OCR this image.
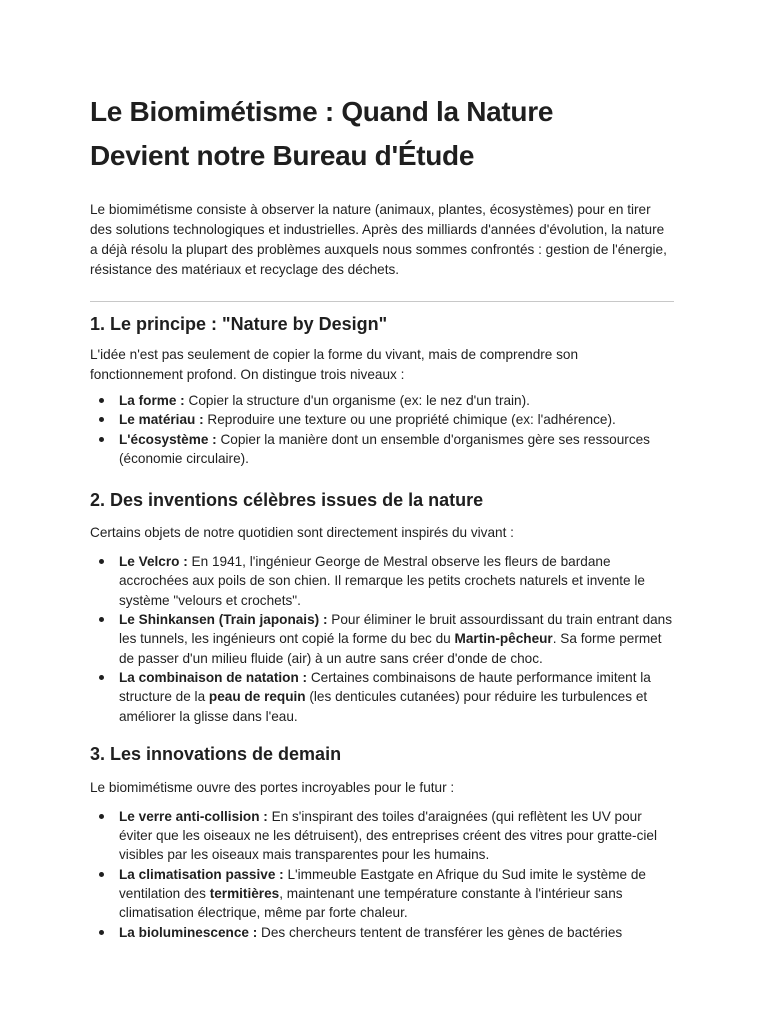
Le Biomimétisme : Quand la Nature
Devient notre Bureau d'Étude

Le biomimétisme consiste à observer la nature (animaux, plantes, écosystèmes) pour en tirer des solutions technologiques et industrielles. Après des milliards d'années d'évolution, la nature a déjà résolu la plupart des problèmes auxquels nous sommes confrontés : gestion de l'énergie, résistance des matériaux et recyclage des déchets.

1. Le principe : "Nature by Design"

L'idée n'est pas seulement de copier la forme du vivant, mais de comprendre son fonctionnement profond. On distingue trois niveaux :

La forme : Copier la structure d'un organisme (ex: le nez d'un train).
Le matériau : Reproduire une texture ou une propriété chimique (ex: l'adhérence).
L'écosystème : Copier la manière dont un ensemble d'organismes gère ses ressources (économie circulaire).
2. Des inventions célèbres issues de la nature

Certains objets de notre quotidien sont directement inspirés du vivant :

Le Velcro : En 1941, l'ingénieur George de Mestral observe les fleurs de bardane accrochées aux poils de son chien. Il remarque les petits crochets naturels et invente le système "velours et crochets".
Le Shinkansen (Train japonais) : Pour éliminer le bruit assourdissant du train entrant dans les tunnels, les ingénieurs ont copié la forme du bec du Martin-pêcheur. Sa forme permet de passer d'un milieu fluide (air) à un autre sans créer d'onde de choc.
La combinaison de natation : Certaines combinaisons de haute performance imitent la structure de la peau de requin (les denticules cutanées) pour réduire les turbulences et améliorer la glisse dans l'eau.
3. Les innovations de demain

Le biomimétisme ouvre des portes incroyables pour le futur :

Le verre anti-collision : En s'inspirant des toiles d'araignées (qui reflètent les UV pour éviter que les oiseaux ne les détruisent), des entreprises créent des vitres pour gratte-ciel visibles par les oiseaux mais transparentes pour les humains.
La climatisation passive : L'immeuble Eastgate en Afrique du Sud imite le système de ventilation des termitières, maintenant une température constante à l'intérieur sans climatisation électrique, même par forte chaleur.
La bioluminescence : Des chercheurs tentent de transférer les gènes de bactéries
